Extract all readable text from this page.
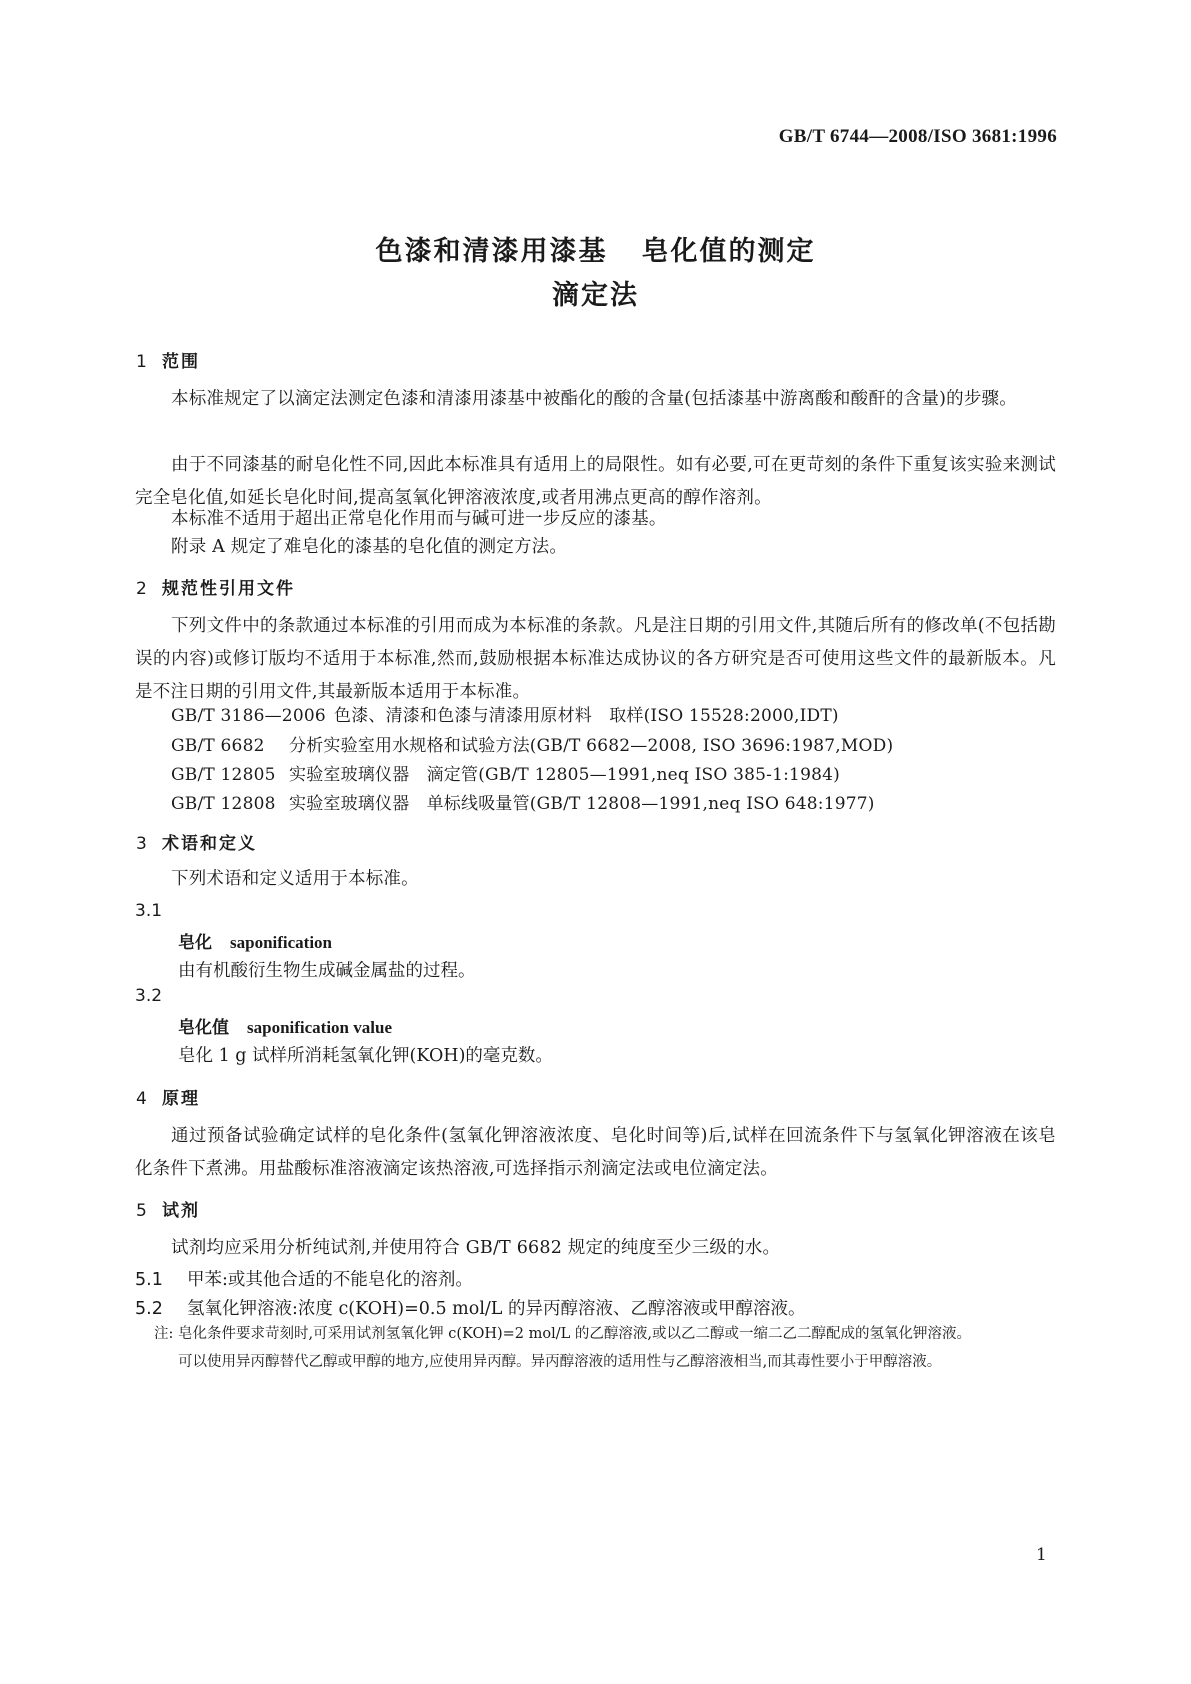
GB/T 6744—2008/ISO 3681:1996
色漆和清漆用漆基 皂化值的测定
滴定法
1 范围
本标准规定了以滴定法测定色漆和清漆用漆基中被酯化的酸的含量(包括漆基中游离酸和酸酐的含量)的步骤。
由于不同漆基的耐皂化性不同,因此本标准具有适用上的局限性。如有必要,可在更苛刻的条件下重复该实验来测试完全皂化值,如延长皂化时间,提高氢氧化钾溶液浓度,或者用沸点更高的醇作溶剂。
本标准不适用于超出正常皂化作用而与碱可进一步反应的漆基。
附录 A 规定了难皂化的漆基的皂化值的测定方法。
2 规范性引用文件
下列文件中的条款通过本标准的引用而成为本标准的条款。凡是注日期的引用文件,其随后所有的修改单(不包括勘误的内容)或修订版均不适用于本标准,然而,鼓励根据本标准达成协议的各方研究是否可使用这些文件的最新版本。凡是不注日期的引用文件,其最新版本适用于本标准。
GB/T 3186—2006 色漆、清漆和色漆与清漆用原材料　取样(ISO 15528:2000,IDT)
GB/T 6682 分析实验室用水规格和试验方法(GB/T 6682—2008, ISO 3696:1987,MOD)
GB/T 12805 实验室玻璃仪器　滴定管(GB/T 12805—1991,neq ISO 385-1:1984)
GB/T 12808 实验室玻璃仪器　单标线吸量管(GB/T 12808—1991,neq ISO 648:1977)
3 术语和定义
下列术语和定义适用于本标准。
3.1
皂化 saponification
由有机酸衍生物生成碱金属盐的过程。
3.2
皂化值 saponification value
皂化 1 g 试样所消耗氢氧化钾(KOH)的毫克数。
4 原理
通过预备试验确定试样的皂化条件(氢氧化钾溶液浓度、皂化时间等)后,试样在回流条件下与氢氧化钾溶液在该皂化条件下煮沸。用盐酸标准溶液滴定该热溶液,可选择指示剂滴定法或电位滴定法。
5 试剂
试剂均应采用分析纯试剂,并使用符合 GB/T 6682 规定的纯度至少三级的水。
5.1 甲苯:或其他合适的不能皂化的溶剂。
5.2 氢氧化钾溶液:浓度 c(KOH)=0.5 mol/L 的异丙醇溶液、乙醇溶液或甲醇溶液。
注: 皂化条件要求苛刻时,可采用试剂氢氧化钾 c(KOH)=2 mol/L 的乙醇溶液,或以乙二醇或一缩二乙二醇配成的氢氧化钾溶液。
可以使用异丙醇替代乙醇或甲醇的地方,应使用异丙醇。异丙醇溶液的适用性与乙醇溶液相当,而其毒性要小于甲醇溶液。
1
